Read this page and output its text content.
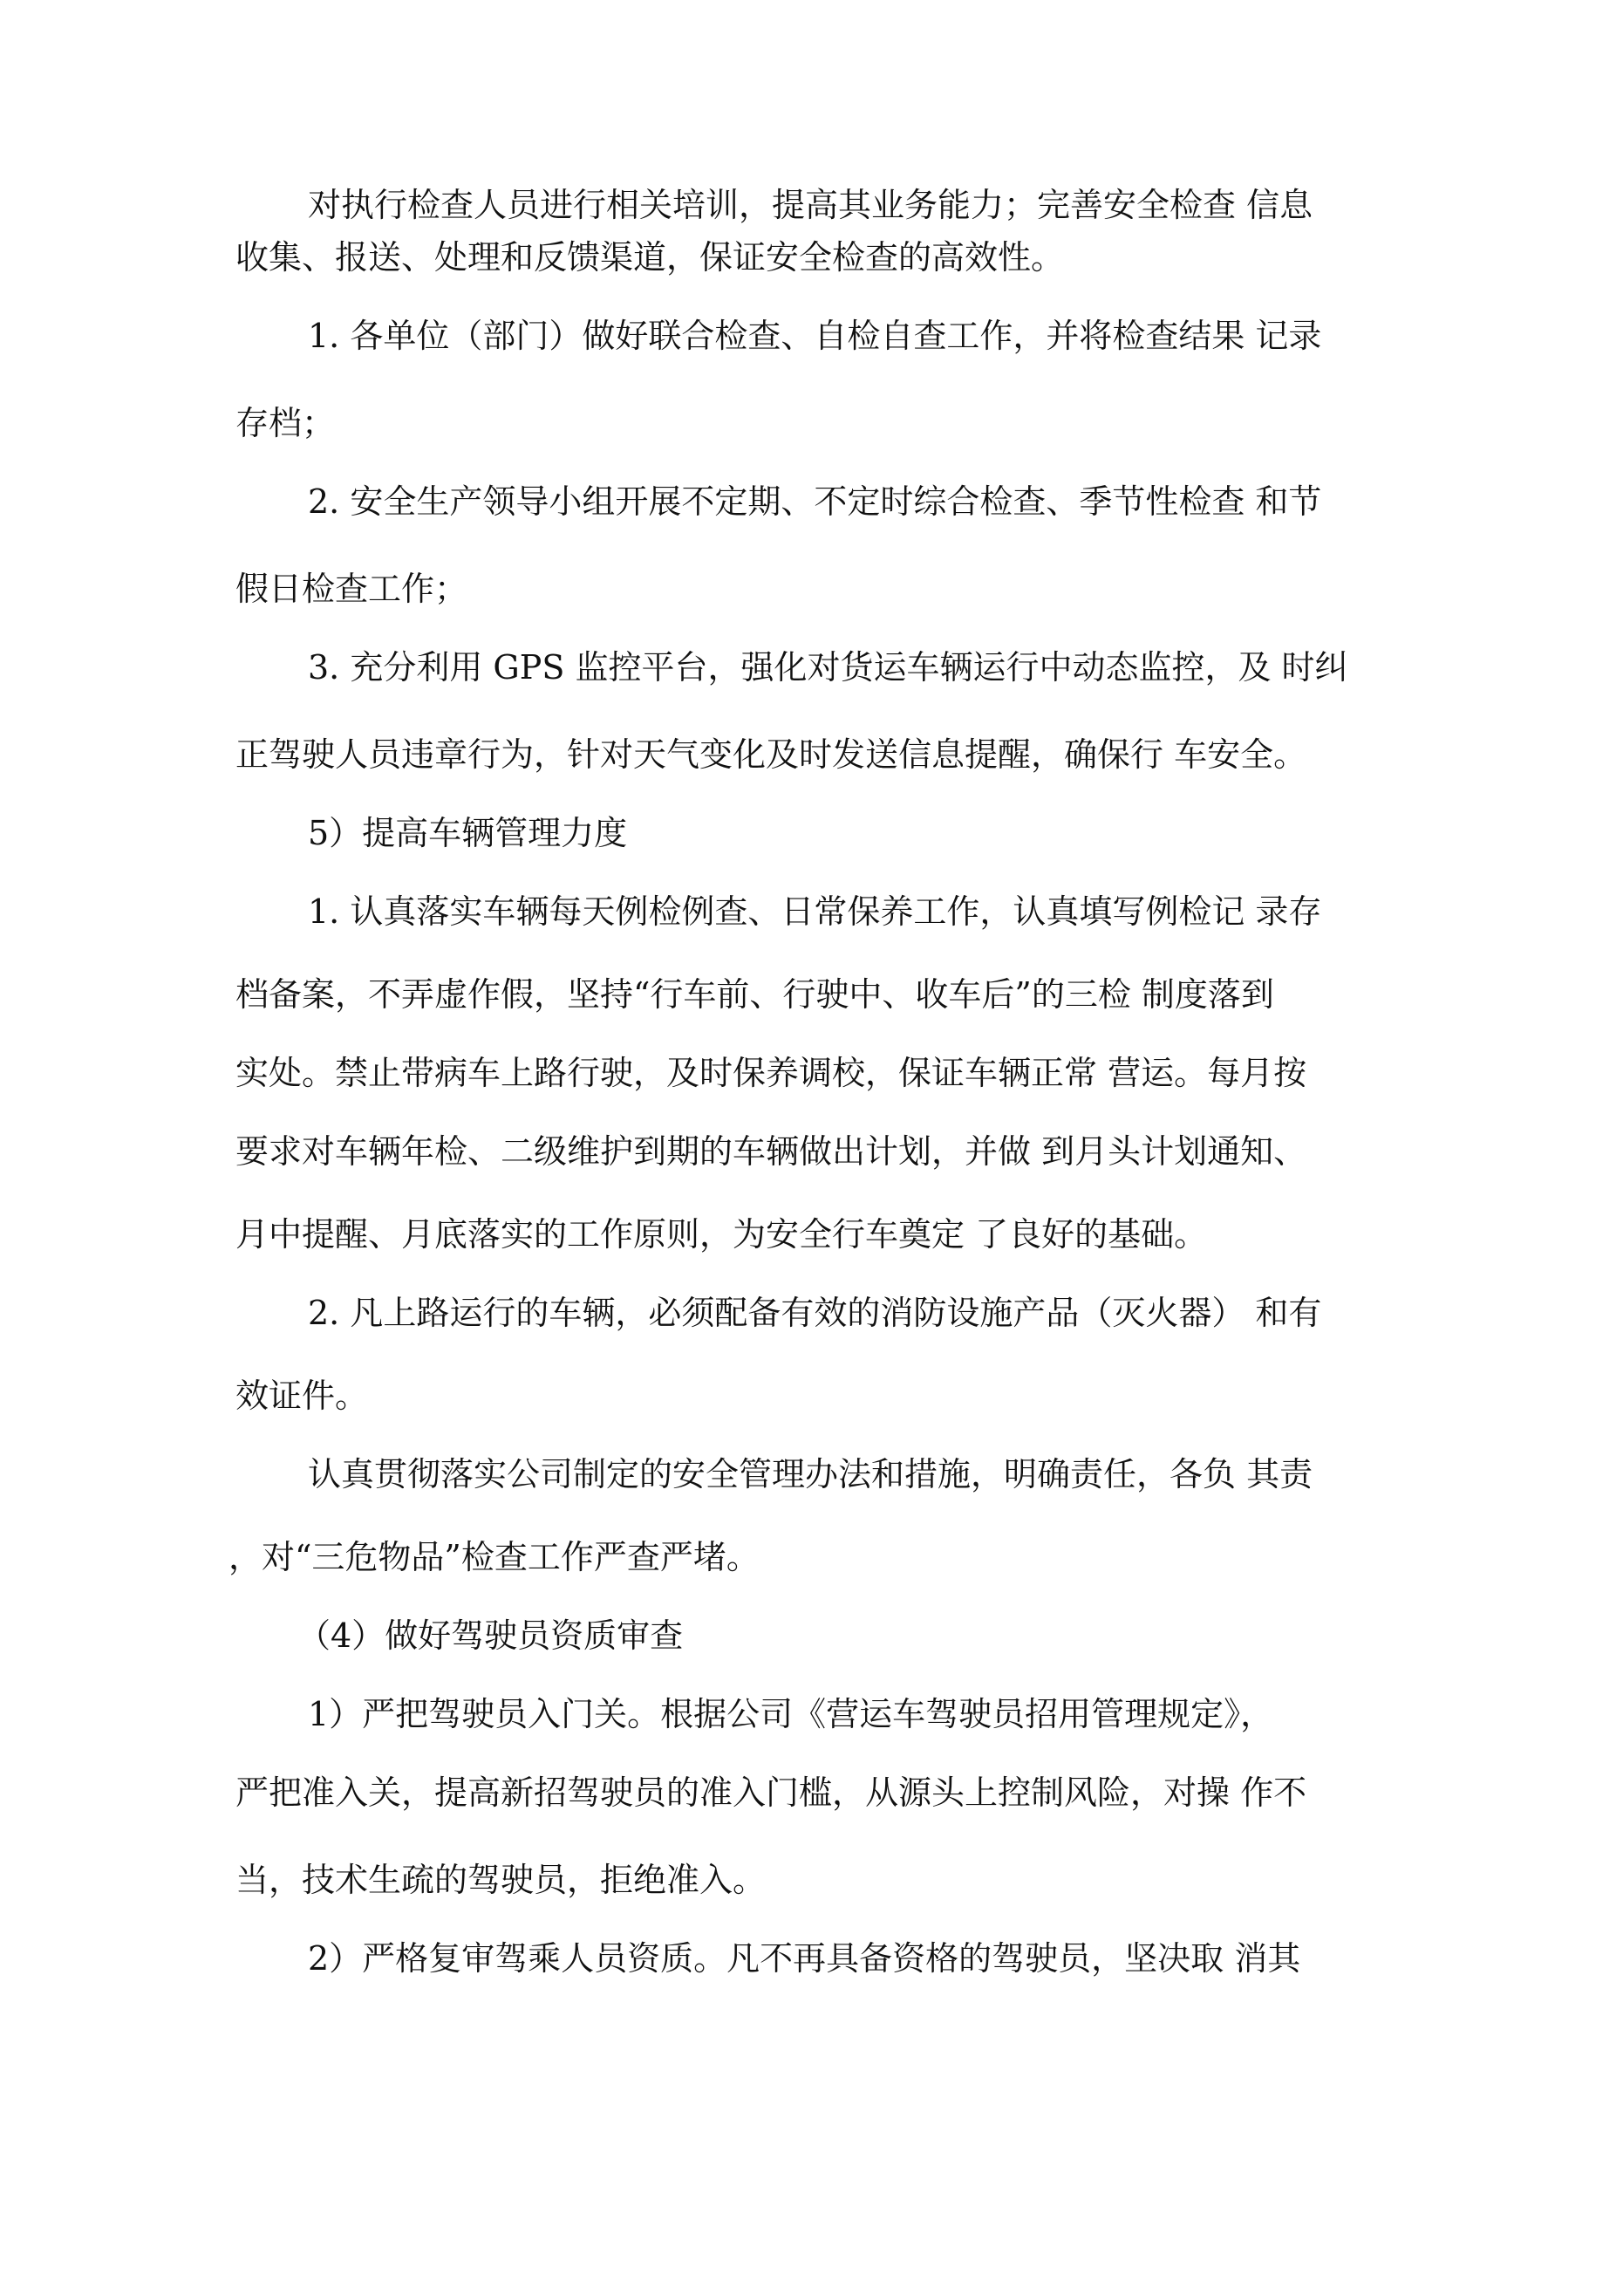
对执行检查人员进行相关培训，提高其业务能力；完善安全检查 信息

收集、报送、处理和反馈渠道，保证安全检查的高效性。

1. 各单位（部门）做好联合检查、自检自查工作，并将检查结果 记录

存档；

2. 安全生产领导小组开展不定期、不定时综合检查、季节性检查 和节

假日检查工作；

3. 充分利用 GPS 监控平台，强化对货运车辆运行中动态监控，及 时纠

正驾驶人员违章行为，针对天气变化及时发送信息提醒，确保行 车安全。

5）提高车辆管理力度

1. 认真落实车辆每天例检例查、日常保养工作，认真填写例检记 录存

档备案，不弄虚作假，坚持“行车前、行驶中、收车后”的三检 制度落到

实处。禁止带病车上路行驶，及时保养调校，保证车辆正常 营运。每月按

要求对车辆年检、二级维护到期的车辆做出计划，并做 到月头计划通知、

月中提醒、月底落实的工作原则，为安全行车奠定 了良好的基础。

2. 凡上路运行的车辆，必须配备有效的消防设施产品（灭火器） 和有

效证件。

认真贯彻落实公司制定的安全管理办法和措施，明确责任，各负 其责

，对“三危物品”检查工作严查严堵。

（4）做好驾驶员资质审查

1）严把驾驶员入门关。根据公司《营运车驾驶员招用管理规定》，

严把准入关，提高新招驾驶员的准入门槛，从源头上控制风险，对操 作不

当，技术生疏的驾驶员，拒绝准入。

2）严格复审驾乘人员资质。凡不再具备资格的驾驶员，坚决取 消其
